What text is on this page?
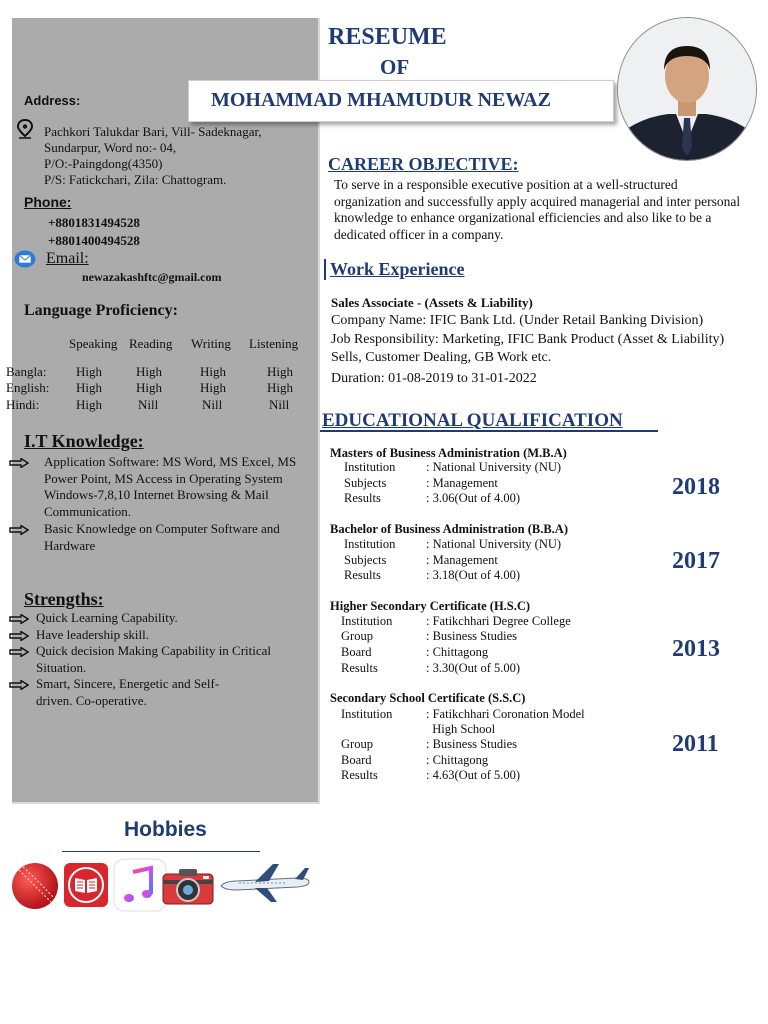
Address:
Pachkori Talukdar Bari, Vill- Sadeknagar,
Sundarpur, Word no:- 04,
P/O:-Paingdong(4350)
P/S: Fatickchari, Zila: Chattogram.
Phone:
+8801831494528
+8801400494528
Email:
newazakashftc@gmail.com
Language Proficiency:
Speaking Reading Writing Listening
Bangla: High	High	High	High
English: High	High	High	High
Hindi:	High	Nill	Nill	Nill
I.T Knowledge:
Application Software: MS Word, MS Excel, MS Power Point, MS Access in Operating System Windows-7,8,10 Internet Browsing & Mail Communication.
Basic Knowledge on Computer Software and Hardware
Strengths:
Quick Learning Capability.
Have leadership skill.
Quick decision Making Capability in Critical Situation.
Smart, Sincere, Energetic and Self- driven. Co-operative.
RESEUME
OF
MOHAMMAD MHAMUDUR NEWAZ
CAREER OBJECTIVE:
To serve in a responsible executive position at a well-structured organization and successfully apply acquired managerial and inter personal knowledge to enhance organizational efficiencies and also like to be a dedicated officer in a company.
Work Experience
Sales Associate - (Assets & Liability)
Company Name: IFIC Bank Ltd. (Under Retail Banking Division)
Job Responsibility: Marketing, IFIC Bank Product (Asset & Liability) Sells, Customer Dealing, GB Work etc.
Duration: 01-08-2019 to 31-01-2022
EDUCATIONAL QUALIFICATION
Masters of Business Administration (M.B.A)
Institution : National University (NU)
Subjects	: Management
Results	: 3.06(Out of 4.00)	2018
Bachelor of Business Administration (B.B.A)
Institution : National University (NU)
Subjects	: Management
Results	: 3.18(Out of 4.00)
2017
Higher Secondary Certificate (H.S.C)
Institution	: Fatikchhari Degree College
Group	: Business Studies
Board	: Chittagong
Results	: 3.30(Out of 5.00)
2013
Secondary School Certificate (S.S.C)
Institution	: Fatikchhari Coronation Model
High School
Group	: Business Studies
Board	: Chittagong
Results	: 4.63(Out of 5.00)
2011
Hobbies
